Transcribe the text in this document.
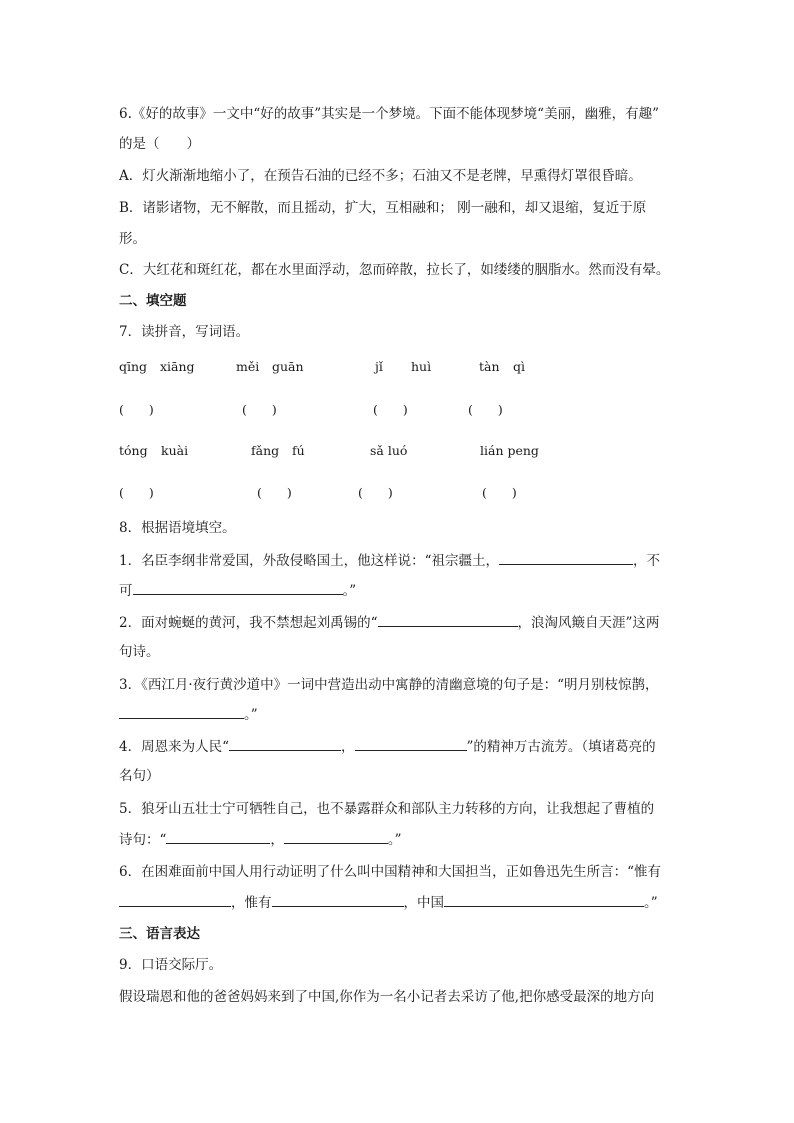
6.《好的故事》一文中“好的故事”其实是一个梦境。下面不能体现梦境“美丽，幽雅，有趣”
的是（　　）
A．灯火渐渐地缩小了，在预告石油的已经不多；石油又不是老牌，早熏得灯罩很昏暗。
B．诸影诸物，无不解散，而且摇动，扩大，互相融和； 刚一融和，却又退缩，复近于原
形。
C．大红花和斑红花，都在水里面浮动，忽而碎散，拉长了，如缕缕的胭脂水。然而没有晕。
二、填空题
7．读拼音，写词语。
qīng xiāng	měi guān	jǐ huì	tàn qì
(　　)	(　　)	(　　)	(　　)
tóng kuài	fǎng fú	sǎ luó	lián peng
(　　)	(　　)	(　　)	(　　)
8．根据语境填空。
1．名臣李纲非常爱国，外敌侵略国土，他这样说：“祖宗疆土，	，不
可	。”
2．面对蜿蜒的黄河，我不禁想起刘禹锡的“	，浪淘风簸自天涯”这两
句诗。
3．《西江月·夜行黄沙道中》一词中营造出动中寓静的清幽意境的句子是：“明月别枝惊鹊，
。”
4．周恩来为人民“	，	”的精神万古流芳。（填诸葛亮的
名句）
5．狼牙山五壮士宁可牺牲自己，也不暴露群众和部队主力转移的方向，让我想起了曹植的
诗句：“	，	。”
6．在困难面前中国人用行动证明了什么叫中国精神和大国担当，正如鲁迅先生所言：“惟有
，惟有	，中国	。”
三、语言表达
9．口语交际厅。
假设瑞恩和他的爸爸妈妈来到了中国,你作为一名小记者去采访了他,把你感受最深的地方向
